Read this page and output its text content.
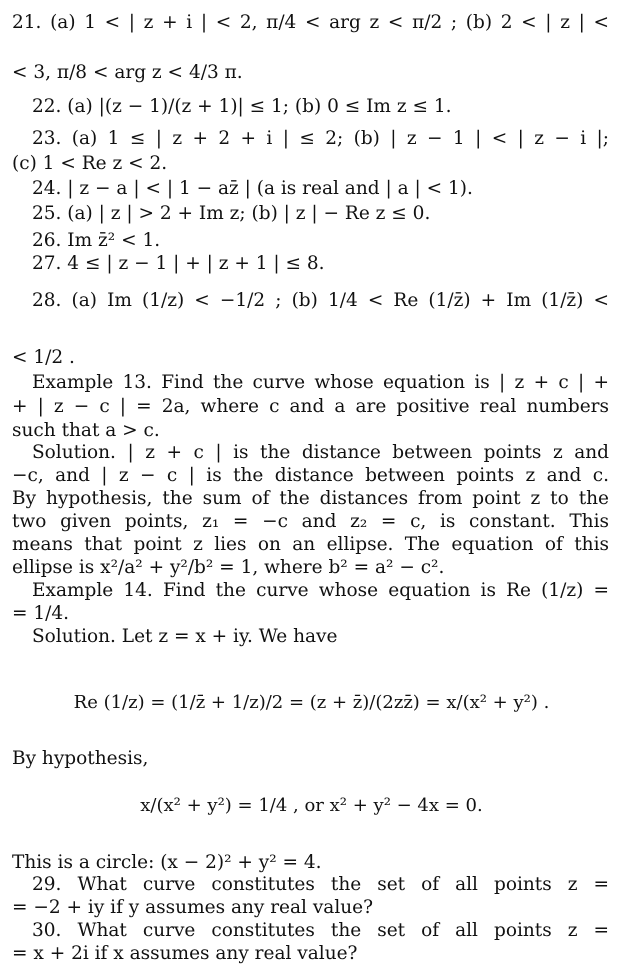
21. (a) 1 < | z + i | < 2, π/4 < arg z < π/2 ; (b) 2 < | z | <
< 3, π/8 < arg z < 4/3 π.
22. (a) |(z − 1)/(z + 1)| ≤ 1; (b) 0 ≤ Im z ≤ 1.
23. (a) 1 ≤ | z + 2 + i | ≤ 2; (b) | z − 1 | < | z − i |;
(c) 1 < Re z < 2.
24. | z − a | < | 1 − az̄ | (a is real and | a | < 1).
25. (a) | z | > 2 + Im z; (b) | z | − Re z ≤ 0.
26. Im z̄² < 1.
27. 4 ≤ | z − 1 | + | z + 1 | ≤ 8.
28. (a) Im (1/z) < −1/2 ; (b) 1/4 < Re (1/z̄) + Im (1/z̄) <
< 1/2 .
Example 13. Find the curve whose equation is | z + c | +
+ | z − c | = 2a, where c and a are positive real numbers
such that a > c.
Solution. | z + c | is the distance between points z and
−c, and | z − c | is the distance between points z and c.
By hypothesis, the sum of the distances from point z to the
two given points, z₁ = −c and z₂ = c, is constant. This
means that point z lies on an ellipse. The equation of this
ellipse is x²/a² + y²/b² = 1, where b² = a² − c².
Example 14. Find the curve whose equation is Re (1/z) =
= 1/4.
Solution. Let z = x + iy. We have
Re (1/z) = (1/z̄ + 1/z)/2 = (z + z̄)/(2zz̄) = x/(x² + y²) .
By hypothesis,
x/(x² + y²) = 1/4 , or x² + y² − 4x = 0.
This is a circle: (x − 2)² + y² = 4.
29. What curve constitutes the set of all points z =
= −2 + iy if y assumes any real value?
30. What curve constitutes the set of all points z =
= x + 2i if x assumes any real value?
